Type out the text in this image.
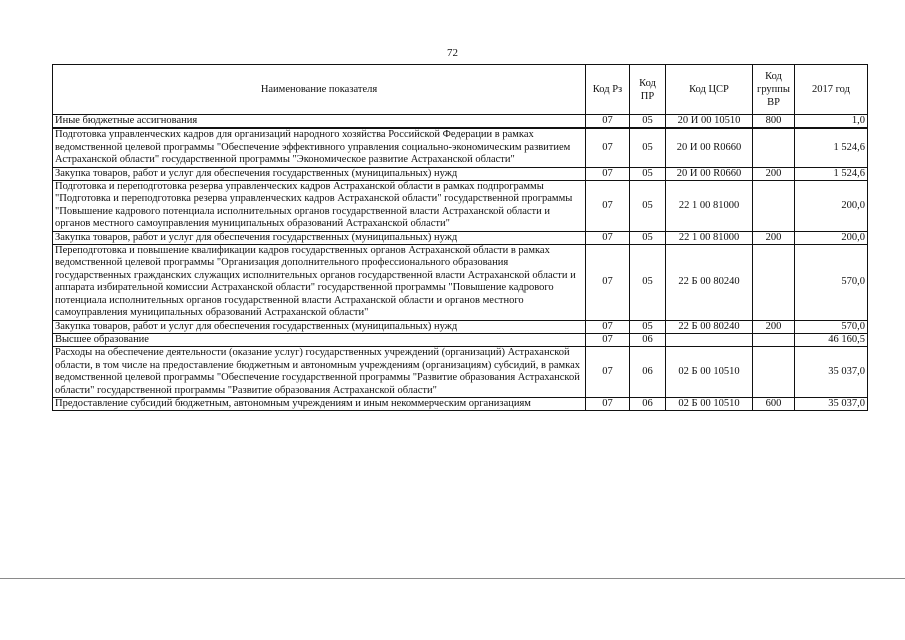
72
Наименование показателя	Код Рз	Код ПР	Код ЦСР	Код группы ВР	2017 год
Иные бюджетные ассигнования	07	05	20 И 00 10510	800	1,0
Подготовка управленческих кадров для организаций народного хозяйства Российской Федерации в рамках ведомственной целевой программы "Обеспечение эффективного управления социально-экономическим развитием Астраханской области" государственной программы "Экономическое развитие Астраханской области"	07	05	20 И 00 R0660		1 524,6
Закупка товаров, работ и услуг для обеспечения государственных (муниципальных) нужд	07	05	20 И 00 R0660	200	1 524,6
Подготовка и переподготовка резерва управленческих кадров Астраханской области в рамках подпрограммы "Подготовка и переподготовка резерва управленческих кадров Астраханской области" государственной программы "Повышение кадрового потенциала исполнительных органов государственной власти Астраханской области и органов местного самоуправления муниципальных образований Астраханской области"	07	05	22 1 00 81000		200,0
Закупка товаров, работ и услуг для обеспечения государственных (муниципальных) нужд	07	05	22 1 00 81000	200	200,0
Переподготовка и повышение квалификации кадров государственных органов Астраханской области в рамках ведомственной целевой программы "Организация дополнительного профессионального образования государственных гражданских служащих исполнительных органов государственной власти Астраханской области и аппарата избирательной комиссии Астраханской области" государственной программы "Повышение кадрового потенциала исполнительных органов государственной власти Астраханской области и органов местного самоуправления муниципальных образований Астраханской области"	07	05	22 Б 00 80240		570,0
Закупка товаров, работ и услуг для обеспечения государственных (муниципальных) нужд	07	05	22 Б 00 80240	200	570,0
Высшее образование	07	06			46 160,5
Расходы на обеспечение деятельности (оказание услуг) государственных учреждений (организаций) Астраханской области, в том числе на предоставление бюджетным и автономным учреждениям (организациям) субсидий, в рамках ведомственной целевой программы "Обеспечение государственной программы "Развитие образования Астраханской области" государственной программы "Развитие образования Астраханской области"	07	06	02 Б 00 10510		35 037,0
Предоставление субсидий бюджетным, автономным учреждениям и иным некоммерческим организациям	07	06	02 Б 00 10510	600	35 037,0
